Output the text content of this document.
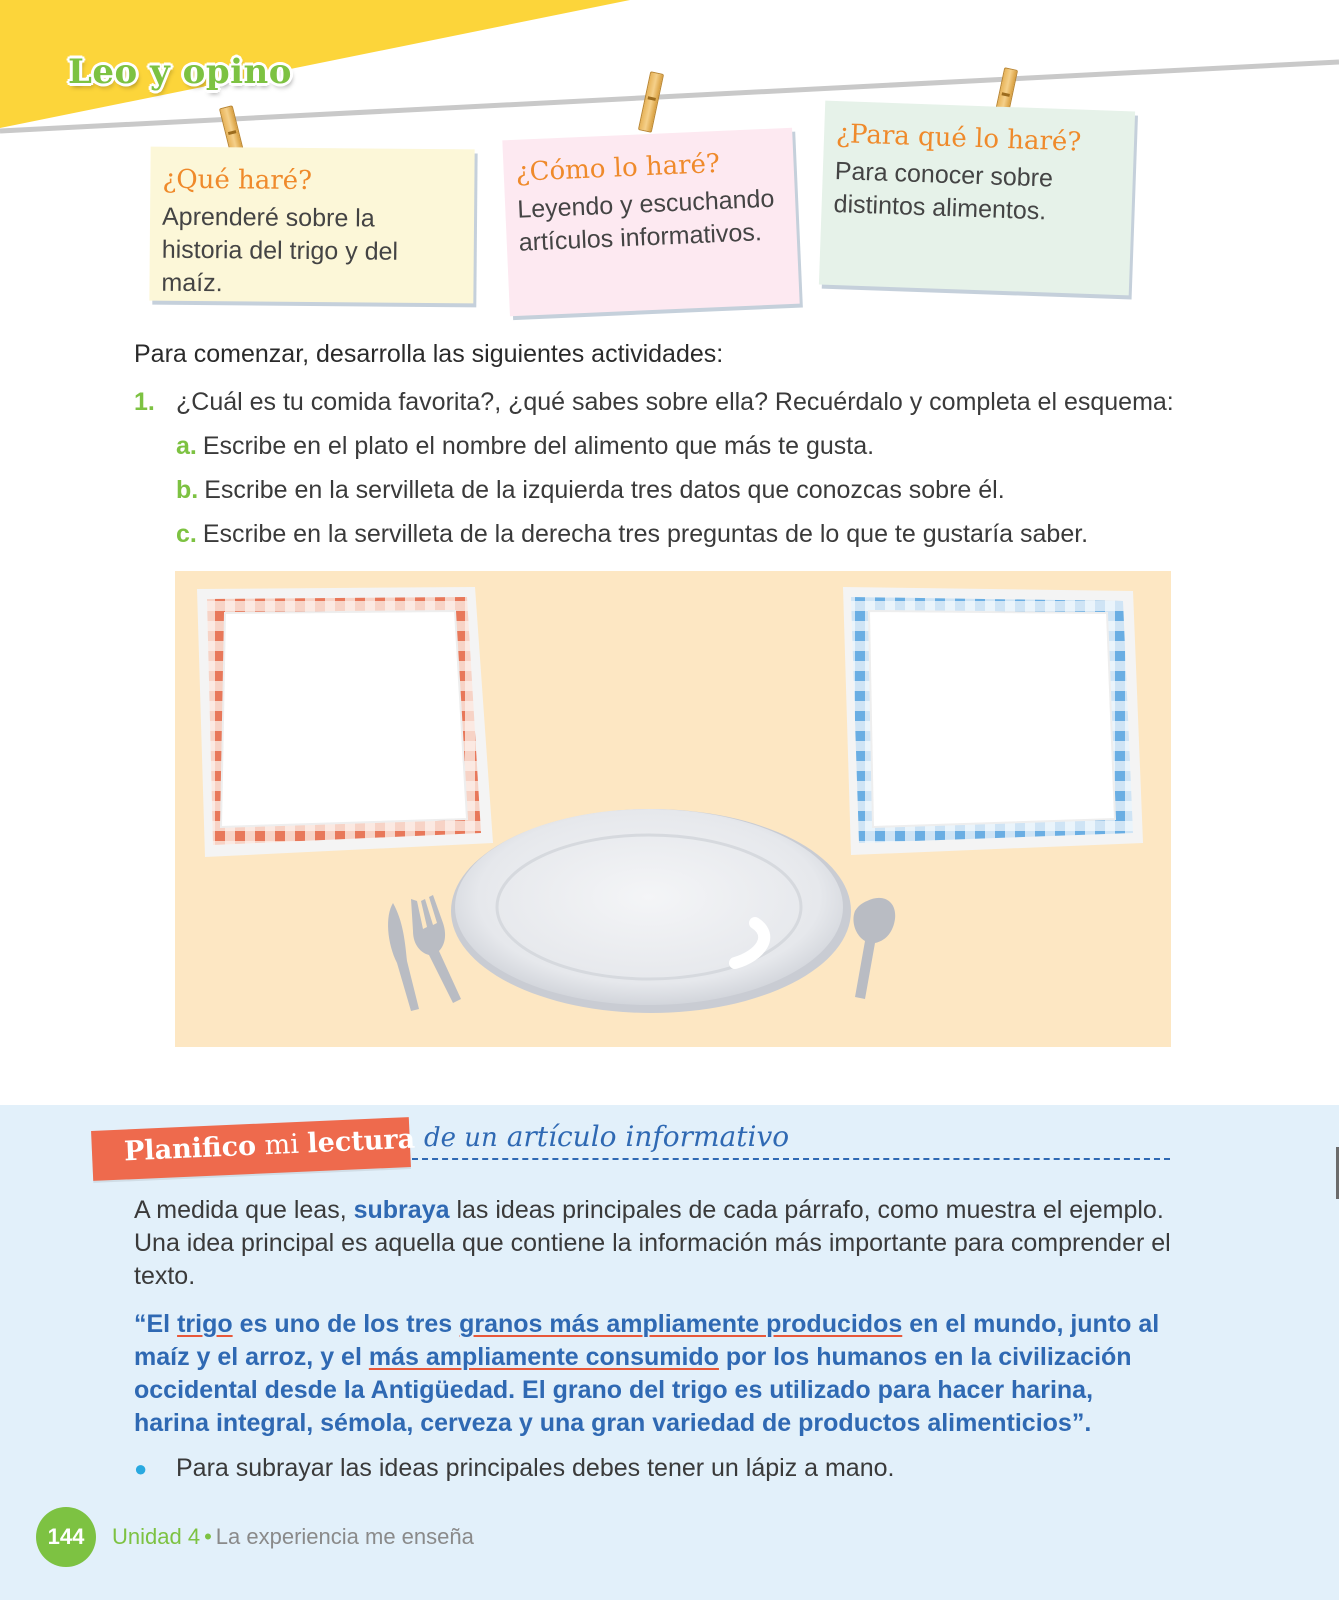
Leo y opino
¿Qué haré?

Aprenderé sobre la historia del trigo y del maíz.

¿Cómo lo haré?

Leyendo y escuchando artículos informativos.

¿Para qué lo haré?

Para conocer sobre distintos alimentos.

Para comenzar, desarrolla las siguientes actividades:
1. ¿Cuál es tu comida favorita?, ¿qué sabes sobre ella? Recuérdalo y completa el esquema:
a. Escribe en el plato el nombre del alimento que más te gusta.
b. Escribe en la servilleta de la izquierda tres datos que conozcas sobre él.
c. Escribe en la servilleta de la derecha tres preguntas de lo que te gustaría saber.
Planifico mi lectura de un artículo informativo
A medida que leas, subraya las ideas principales de cada párrafo, como muestra el ejemplo. Una idea principal es aquella que contiene la información más importante para comprender el texto.
“El trigo es uno de los tres granos más ampliamente producidos en el mundo, junto al maíz y el arroz, y el más ampliamente consumido por los humanos en la civilización occidental desde la Antigüedad. El grano del trigo es utilizado para hacer harina, harina integral, sémola, cerveza y una gran variedad de productos alimenticios”.
● Para subrayar las ideas principales debes tener un lápiz a mano.
144	Unidad 4 • La experiencia me enseña
